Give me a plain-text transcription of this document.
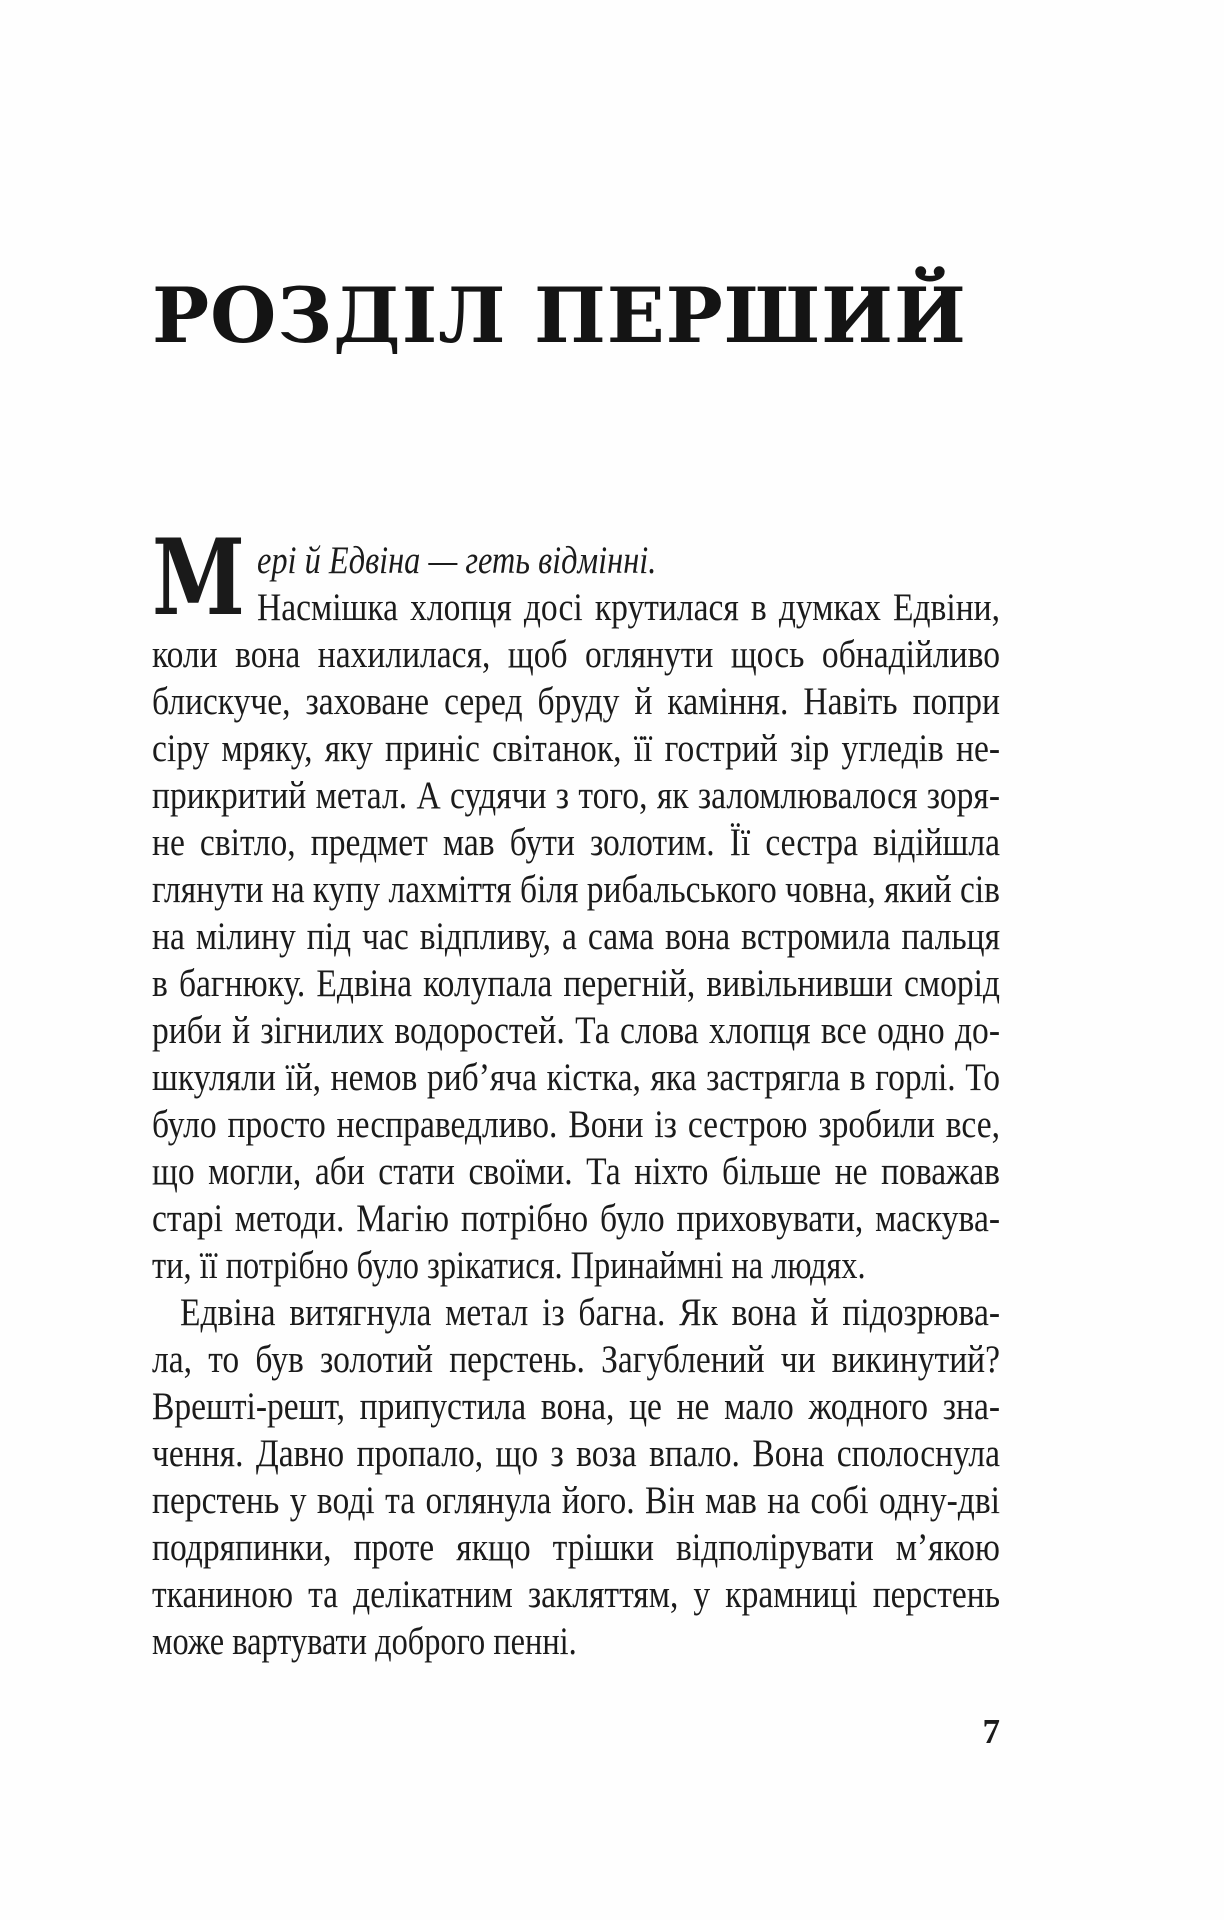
РОЗДІЛ ПЕРШИЙ
М ері й Едвіна — геть відмінні.
Насмішка хлопця досі крутилася в думках Едвіни,
коли вона нахилилася, щоб оглянути щось обнадійливо
блискуче, заховане серед бруду й каміння. Навіть попри
сіру мряку, яку приніс світанок, її гострий зір угледів не-
прикритий метал. А судячи з того, як заломлювалося зоря-
не світло, предмет мав бути золотим. Її сестра відійшла
глянути на купу лахміття біля рибальського човна, який сів
на мілину під час відпливу, а сама вона встромила пальця
в багнюку. Едвіна колупала перегній, вивільнивши сморід
риби й зігнилих водоростей. Та слова хлопця все одно до-
шкуляли їй, немов риб’яча кістка, яка застрягла в горлі. То
було просто несправедливо. Вони із сестрою зробили все,
що могли, аби стати своїми. Та ніхто більше не поважав
старі методи. Магію потрібно було приховувати, маскува-
ти, її потрібно було зрікатися. Принаймні на людях.
Едвіна витягнула метал із багна. Як вона й підозрюва-
ла, то був золотий перстень. Загублений чи викинутий?
Врешті-решт, припустила вона, це не мало жодного зна-
чення. Давно пропало, що з воза впало. Вона сполоснула
перстень у воді та оглянула його. Він мав на собі одну-дві
подряпинки, проте якщо трішки відполірувати м’якою
тканиною та делікатним закляттям, у крамниці перстень
може вартувати доброго пенні.
7
